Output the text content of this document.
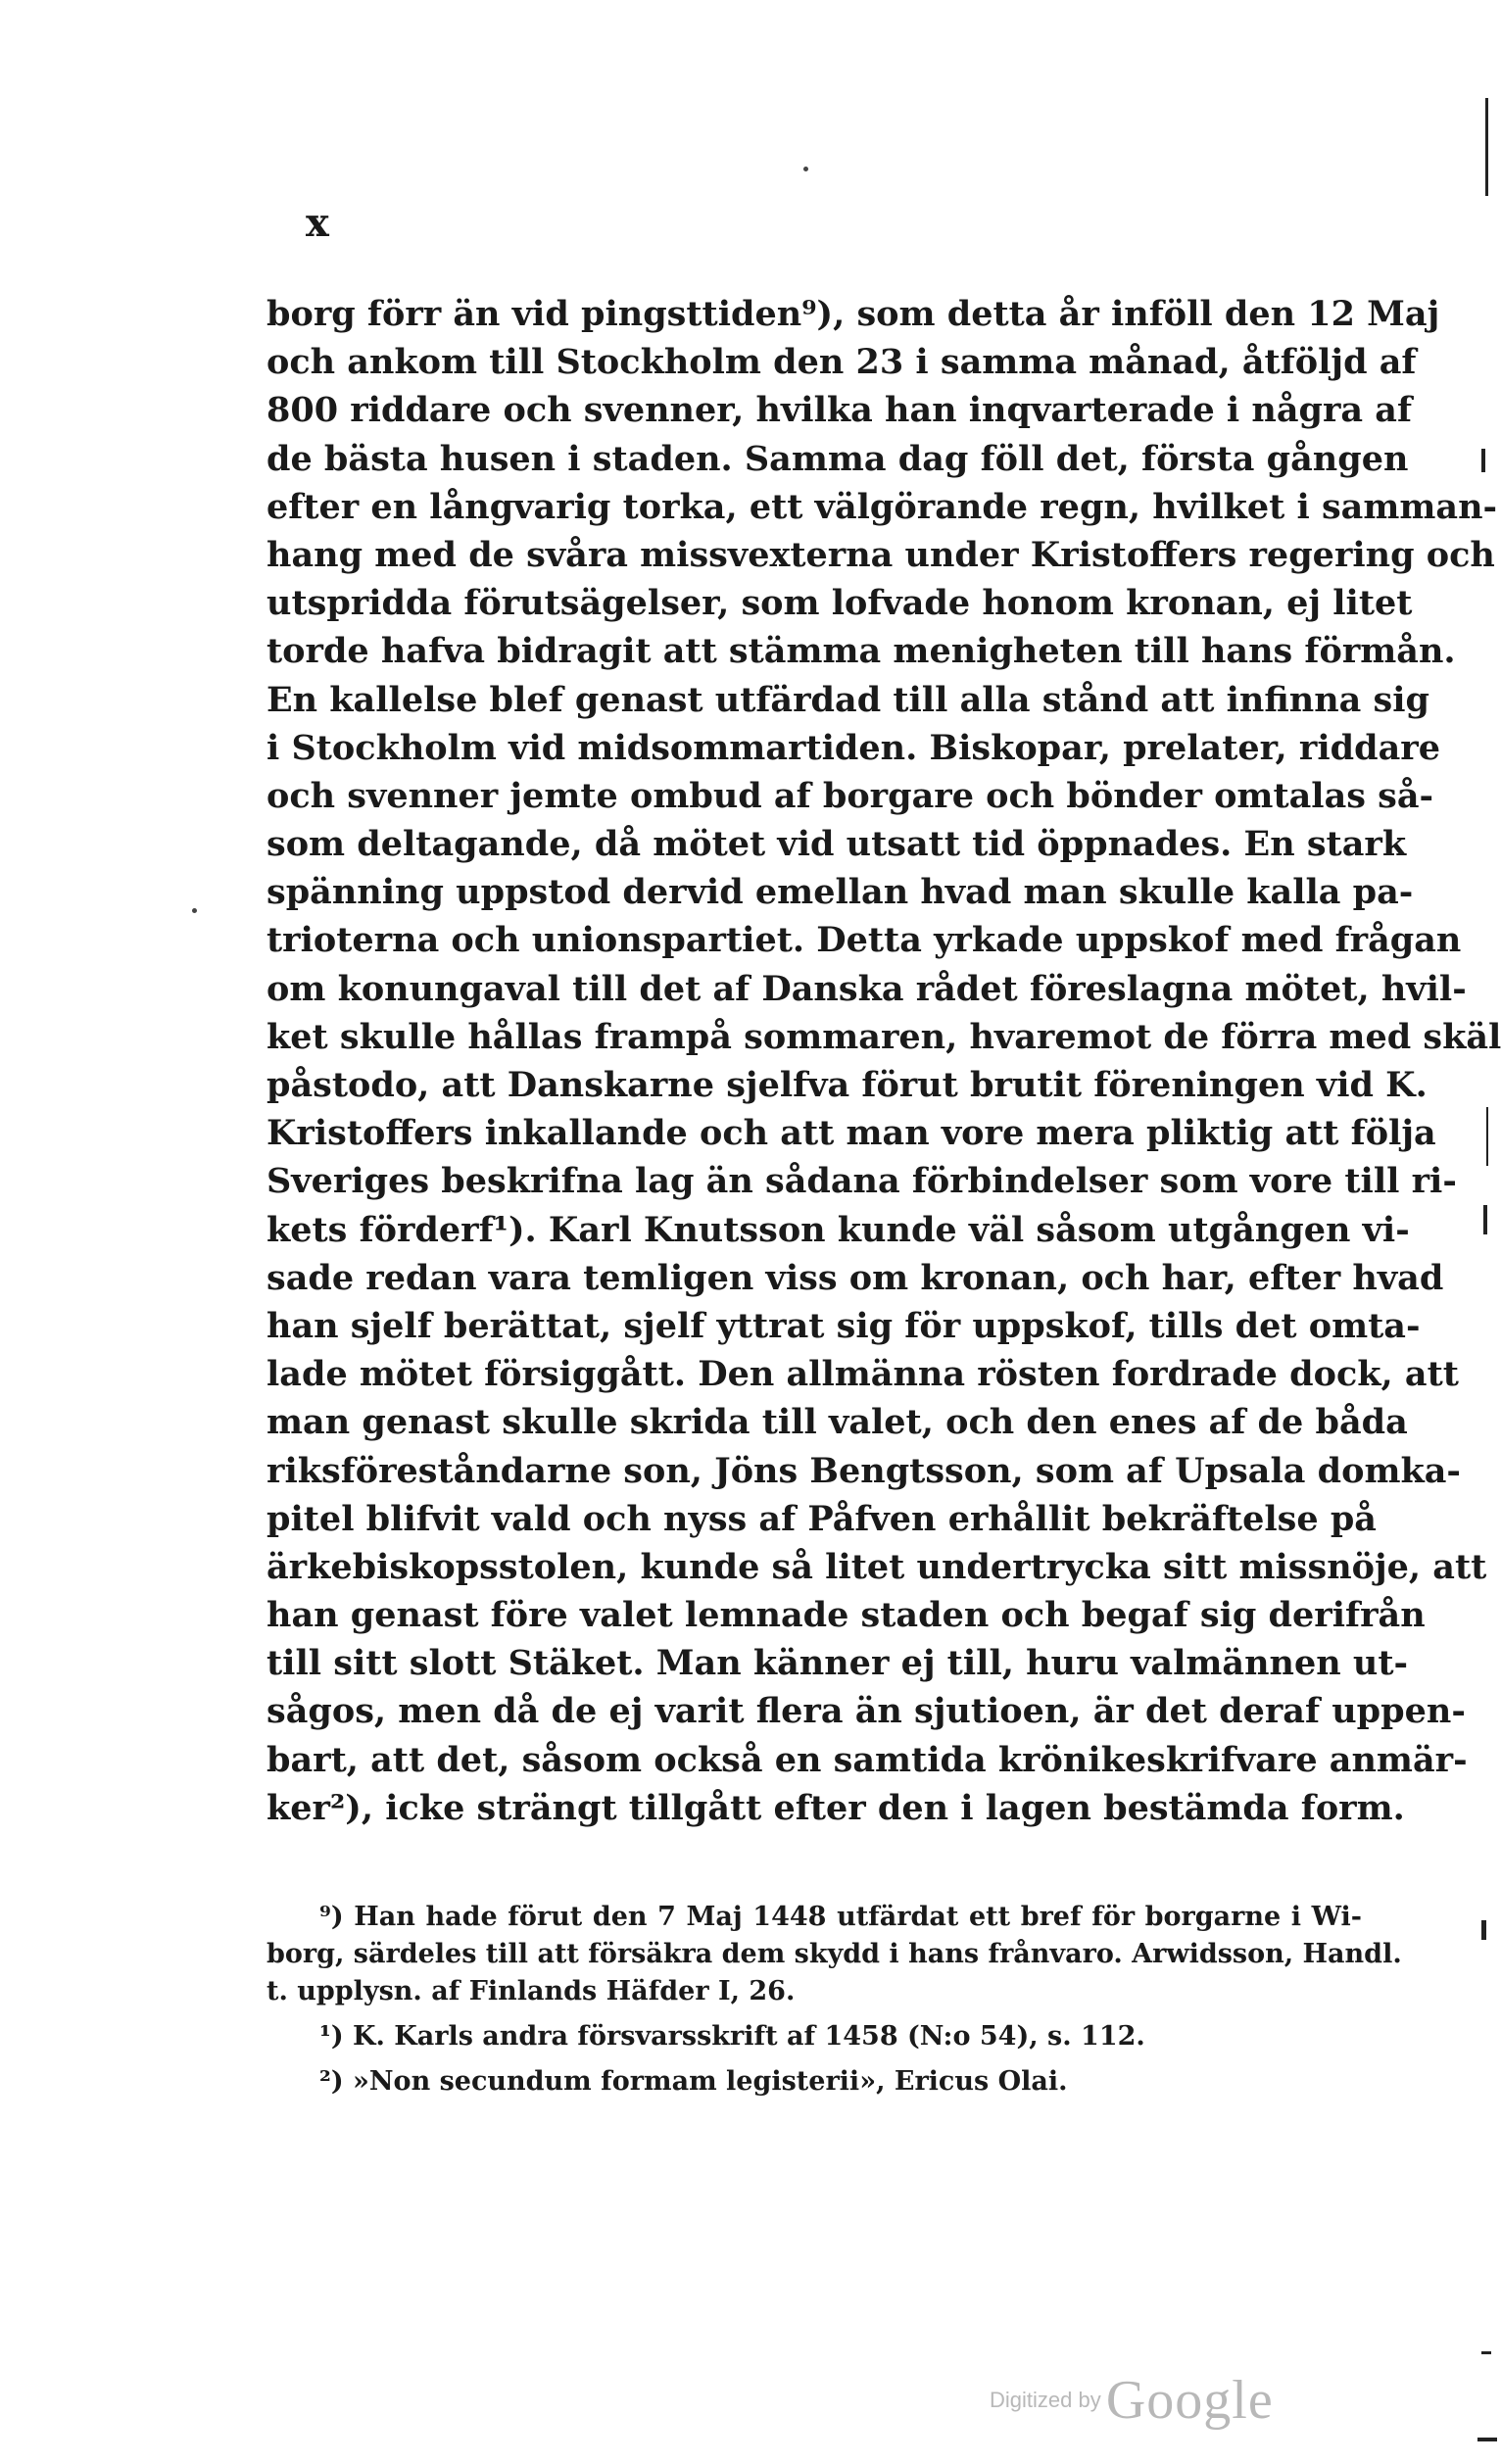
x
borg förr än vid pingsttiden⁹), som detta år inföll den 12 Maj
och ankom till Stockholm den 23 i samma månad, åtföljd af
800 riddare och svenner, hvilka han inqvarterade i några af
de bästa husen i staden. Samma dag föll det, första gången
efter en långvarig torka, ett välgörande regn, hvilket i samman-
hang med de svåra missvexterna under Kristoffers regering och
utspridda förutsägelser, som lofvade honom kronan, ej litet
torde hafva bidragit att stämma menigheten till hans förmån.
En kallelse blef genast utfärdad till alla stånd att infinna sig
i Stockholm vid midsommartiden. Biskopar, prelater, riddare
och svenner jemte ombud af borgare och bönder omtalas så-
som deltagande, då mötet vid utsatt tid öppnades. En stark
spänning uppstod dervid emellan hvad man skulle kalla pa-
trioterna och unionspartiet. Detta yrkade uppskof med frågan
om konungaval till det af Danska rådet föreslagna mötet, hvil-
ket skulle hållas frampå sommaren, hvaremot de förra med skäl
påstodo, att Danskarne sjelfva förut brutit föreningen vid K.
Kristoffers inkallande och att man vore mera pliktig att följa
Sveriges beskrifna lag än sådana förbindelser som vore till ri-
kets förderf¹). Karl Knutsson kunde väl såsom utgången vi-
sade redan vara temligen viss om kronan, och har, efter hvad
han sjelf berättat, sjelf yttrat sig för uppskof, tills det omta-
lade mötet försiggått. Den allmänna rösten fordrade dock, att
man genast skulle skrida till valet, och den enes af de båda
riksföreståndarne son, Jöns Bengtsson, som af Upsala domka-
pitel blifvit vald och nyss af Påfven erhållit bekräftelse på
ärkebiskopsstolen, kunde så litet undertrycka sitt missnöje, att
han genast före valet lemnade staden och begaf sig derifrån
till sitt slott Stäket. Man känner ej till, huru valmännen ut-
sågos, men då de ej varit flera än sjutioen, är det deraf uppen-
bart, att det, såsom också en samtida krönikeskrifvare anmär-
ker²), icke strängt tillgått efter den i lagen bestämda form.
⁹) Han hade förut den 7 Maj 1448 utfärdat ett bref för borgarne i Wi-
borg, särdeles till att försäkra dem skydd i hans frånvaro. Arwidsson, Handl.
t. upplysn. af Finlands Häfder I, 26.
¹) K. Karls andra försvarsskrift af 1458 (N:o 54), s. 112.
²) »Non secundum formam legisterii», Ericus Olai.
Digitized by Google
